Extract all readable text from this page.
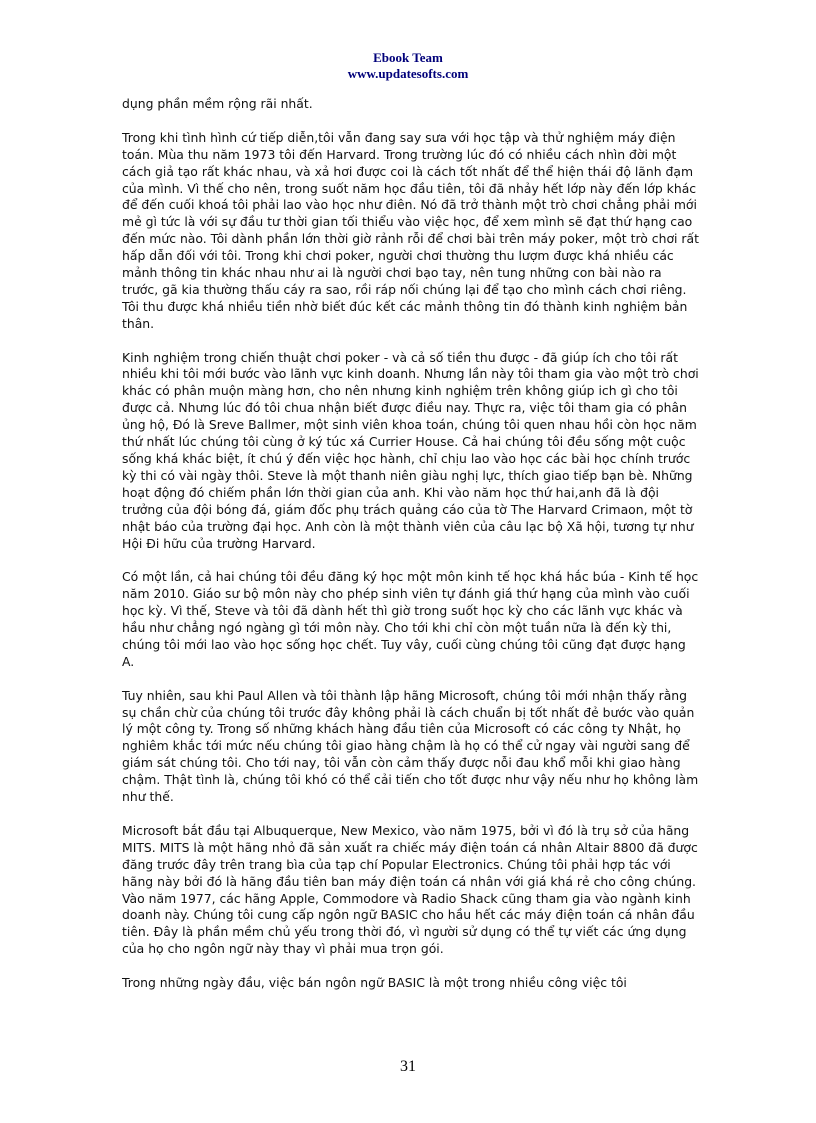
Ebook Team
www.updatesofts.com

dụng phần mềm rộng rãi nhất.

Trong khi tình hình cứ tiếp diễn,tôi vẫn đang say sưa với học tập và thử nghiệm máy điện toán. Mùa thu năm 1973 tôi đến Harvard. Trong trường lúc đó có nhiều cách nhìn đời một cách giả tạo rất khác nhau, và xả hơi được coi là cách tốt nhất để thể hiện thái độ lãnh đạm của mình. Vì thế cho nên, trong suốt năm học đầu tiên, tôi đã nhảy hết lớp này đến lớp khác để đến cuối khoá tôi phải lao vào học như điên. Nó đã trở thành một trò chơi chẳng phải mới mẻ gì tức là với sự đầu tư thời gian tối thiểu vào việc học, để xem mình sẽ đạt thứ hạng cao đến mức nào. Tôi dành phần lớn thời giờ rảnh rỗi để chơi bài trên máy poker, một trò chơi rất hấp dẫn đối với tôi. Trong khi chơi poker, người chơi thường thu lượm được khá nhiều các mảnh thông tin khác nhau như ai là người chơi bạo tay, nên tung những con bài nào ra trước, gã kia thường thấu cáy ra sao, rồi ráp nối chúng lại để tạo cho mình cách chơi riêng. Tôi thu được khá nhiều tiền nhờ biết đúc kết các mảnh thông tin đó thành kinh nghiệm bản thân.

Kinh nghiệm trong chiến thuật chơi poker - và cả số tiền thu được - đã giúp ích cho tôi rất nhiều khi tôi mới bước vào lãnh vực kinh doanh. Nhưng lần này tôi tham gia vào một trò chơi khác có phân muộn màng hơn, cho nên nhưng kinh nghiệm trên không giúp ich gì cho tôi được cả. Nhưng lúc đó tôi chua nhận biết được điều nay. Thực ra, việc tôi tham gia có phân ủng hộ, Đó là Sreve Ballmer, một sinh viên khoa toán, chúng tôi quen nhau hồi còn học năm thứ nhất lúc chúng tôi cùng ở ký túc xá Currier House. Cả hai chúng tôi đều sống một cuộc sống khá khác biệt, ít chú ý đến việc học hành, chỉ chịu lao vào học các bài học chính trước kỳ thi có vài ngày thôi. Steve là một thanh niên giàu nghị lực, thích giao tiếp bạn bè. Những hoạt động đó chiếm phần lớn thời gian của anh. Khi vào năm học thứ hai,anh đã là đội trưởng của đội bóng đá, giám đốc phụ trách quảng cáo của tờ The Harvard Crimaon, một tờ nhật báo của trường đại học. Anh còn là một thành viên của câu lạc bộ Xã hội, tương tự như Hội Đi hữu của trường Harvard.

Có một lần, cả hai chúng tôi đều đăng ký học một môn kinh tế học khá hắc búa - Kinh tế học năm 2010. Giáo sư bộ môn này cho phép sinh viên tự đánh giá thứ hạng của mình vào cuối học kỳ. Vì thế, Steve và tôi đã dành hết thì giờ trong suốt học kỳ cho các lãnh vực khác và hầu như chẳng ngó ngàng gì tới môn này. Cho tới khi chỉ còn một tuần nữa là đến kỳ thi, chúng tôi mới lao vào học sống học chết. Tuy vây, cuối cùng chúng tôi cũng đạt được hạng A.

Tuy nhiên, sau khi Paul Allen và tôi thành lập hãng Microsoft, chúng tôi mới nhận thấy rằng sụ chần chừ của chúng tôi trước đây không phải là cách chuẩn bị tốt nhất đẻ bước vào quản lý một công ty. Trong số những khách hàng đầu tiên của Microsoft có các công ty Nhật, họ nghiêm khắc tới mức nếu chúng tôi giao hàng chậm là họ có thể cử ngay vài người sang để giám sát chúng tôi. Cho tới nay, tôi vẫn còn cảm thấy được nỗi đau khổ mỗi khi giao hàng chậm. Thật tình là, chúng tôi khó có thể cải tiến cho tốt được như vậy nếu như họ không làm như thế.

Microsoft bắt đầu tại Albuquerque, New Mexico, vào năm 1975, bởi vì đó là trụ sở của hãng MITS. MITS là một hãng nhỏ đã sản xuất ra chiếc máy điện toán cá nhân Altair 8800 đã được đăng trước đây trên trang bìa của tạp chí Popular Electronics. Chúng tôi phải hợp tác với hãng này bởi đó là hãng đầu tiên ban máy điện toán cá nhân với giá khá rẻ cho công chúng. Vào năm 1977, các hãng Apple, Commodore và Radio Shack cũng tham gia vào ngành kinh doanh này. Chúng tôi cung cấp ngôn ngữ BASIC cho hầu hết các máy điện toán cá nhân đầu tiên. Đây là phần mềm chủ yếu trong thời đó, vì người sử dụng có thể tự viết các ứng dụng của họ cho ngôn ngữ này thay vì phải mua trọn gói.

Trong những ngày đầu, việc bán ngôn ngữ BASIC là một trong nhiều công việc tôi

31
